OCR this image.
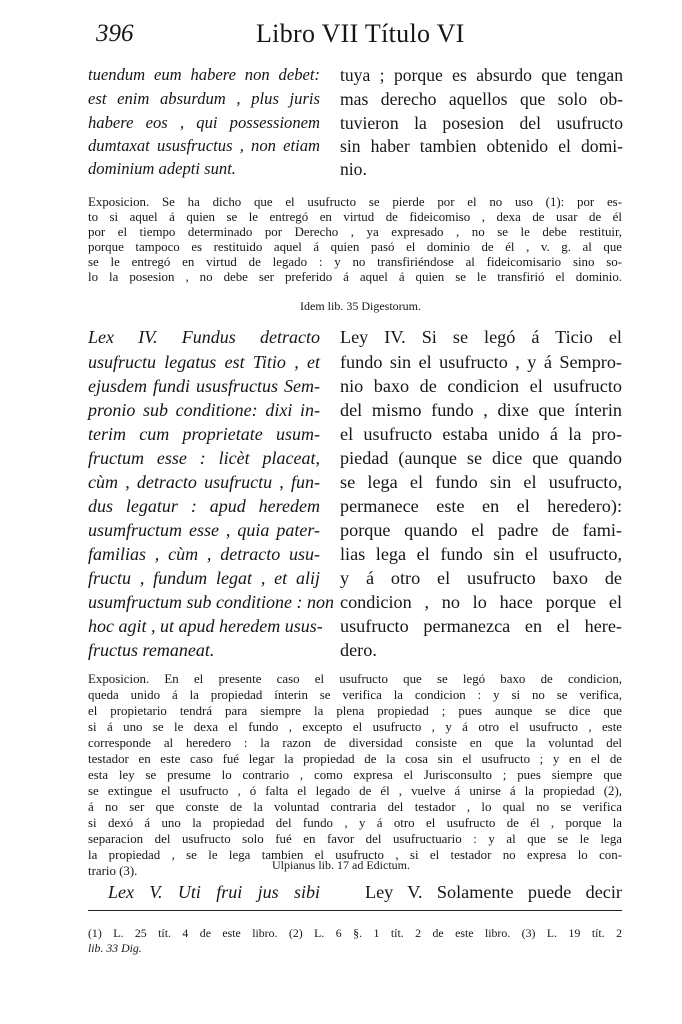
396	Libro VII Título VI
tuendum eum habere non debet:
est enim absurdum , plus juris
habere eos , qui possessionem
dumtaxat ususfructus , non etiam
dominium adepti sunt.
tuya ; porque es absurdo que tengan
mas derecho aquellos que solo ob-
tuvieron la posesion del usufructo
sin haber tambien obtenido el domi-
nio.
Exposicion. Se ha dicho que el usufructo se pierde por el no uso (1): por es-
to si aquel á quien se le entregó en virtud de fideicomiso , dexa de usar de él
por el tiempo determinado por Derecho , ya expresado , no se le debe restituir,
porque tampoco es restituido aquel á quien pasó el dominio de él , v. g. al que
se le entregó en virtud de legado : y no transfiriéndose al fideicomisario sino so-
lo la posesion , no debe ser preferido á aquel á quien se le transfirió el dominio.
Idem lib. 35 Digestorum.
Lex IV. Fundus detracto
usufructu legatus est Titio , et
ejusdem fundi ususfructus Sem-
pronio sub conditione: dixi in-
terim cum proprietate usum-
fructum esse : licèt placeat,
cùm , detracto usufructu , fun-
dus legatur : apud heredem
usumfructum esse , quia pater-
familias , cùm , detracto usu-
fructu , fundum legat , et alij
usumfructum sub conditione : non
hoc agit , ut apud heredem usus-
fructus remaneat.
Ley IV. Si se legó á Ticio el
fundo sin el usufructo , y á Sempro-
nio baxo de condicion el usufructo
del mismo fundo , dixe que ínterin
el usufructo estaba unido á la pro-
piedad (aunque se dice que quando
se lega el fundo sin el usufructo,
permanece este en el heredero):
porque quando el padre de fami-
lias lega el fundo sin el usufructo,
y á otro el usufructo baxo de
condicion , no lo hace porque el
usufructo permanezca en el here-
dero.
Exposicion. En el presente caso el usufructo que se legó baxo de condicion,
queda unido á la propiedad ínterin se verifica la condicion : y si no se verifica,
el propietario tendrá para siempre la plena propiedad ; pues aunque se dice que
si á uno se le dexa el fundo , excepto el usufructo , y á otro el usufructo , este
corresponde al heredero : la razon de diversidad consiste en que la voluntad del
testador en este caso fué legar la propiedad de la cosa sin el usufructo ; y en el de
esta ley se presume lo contrario , como expresa el Jurisconsulto ; pues siempre que
se extingue el usufructo , ó falta el legado de él , vuelve á unirse á la propiedad (2),
á no ser que conste de la voluntad contraria del testador , lo qual no se verifica
si dexó á uno la propiedad del fundo , y á otro el usufructo de él , porque la
separacion del usufructo solo fué en favor del usufructuario : y al que se le lega
la propiedad , se le lega tambien el usufructo , si el testador no expresa lo con-
trario (3).	Ulpianus lib. 17 ad Edictum.
Lex V. Uti frui jus sibi Ley V. Solamente puede decir
(1) L. 25 tít. 4 de este libro. (2) L. 6 §. 1 tít. 2 de este libro. (3) L. 19 tít. 2
lib. 33 Dig.
